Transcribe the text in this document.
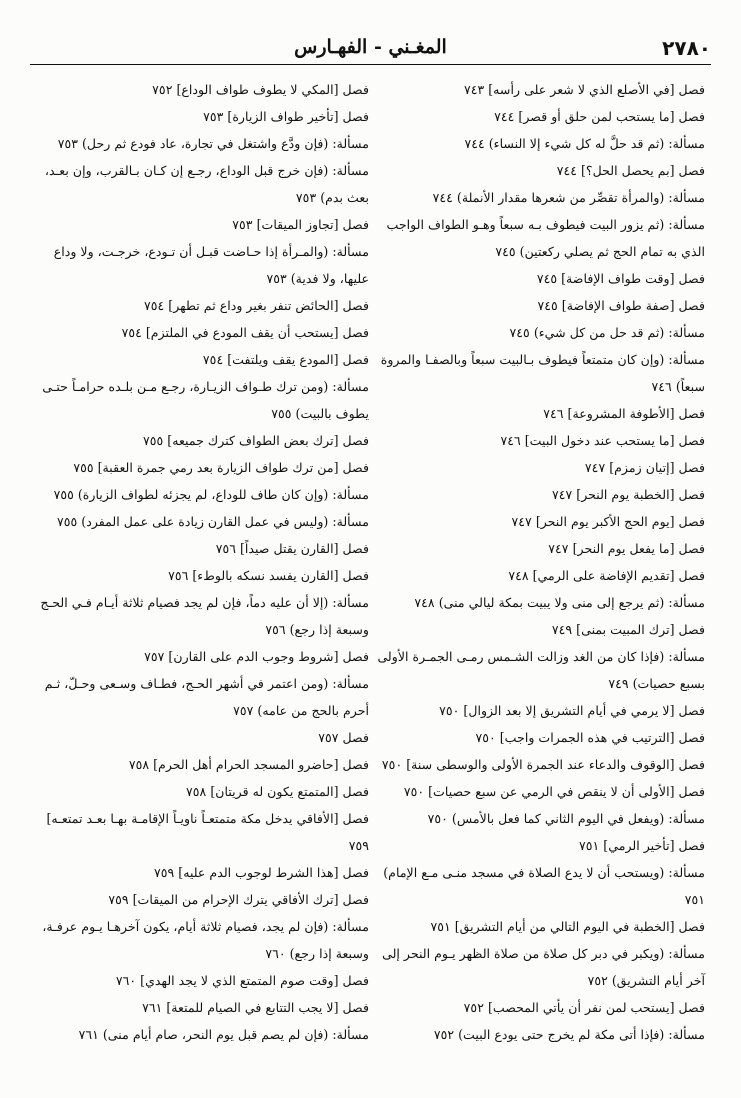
٢٧٨٠
المغـني - الفهـارس

فصل [في الأصلع الذي لا شعر على رأسه] ٧٤٣

فصل [ما يستحب لمن حلق أو قصر] ٧٤٤

مسألة: (ثم قد حلَّ له كل شيء إلا النساء) ٧٤٤

فصل [بم يحصل الحل؟] ٧٤٤

مسألة: (والمرأة تقصِّر من شعرها مقدار الأنملة) ٧٤٤

مسألة: (ثم يزور البيت فيطوف بـه سبعاً وهـو الطواف الواجب الذي به تمام الحج ثم يصلي ركعتين) ٧٤٥

فصل [وقت طواف الإفاضة] ٧٤٥

فصل [صفة طواف الإفاضة] ٧٤٥

مسألة: (ثم قد حل من كل شيء) ٧٤٥

مسألة: (وإن كان متمتعاً فيطوف بـالبيت سبعاً وبالصفـا والمروة سبعاً) ٧٤٦

فصل [الأطوفة المشروعة] ٧٤٦

فصل [ما يستحب عند دخول البيت] ٧٤٦

فصل [إتيان زمزم] ٧٤٧

فصل [الخطبة يوم النحر] ٧٤٧

فصل [يوم الحج الأكبر يوم النحر] ٧٤٧

فصل [ما يفعل يوم النحر] ٧٤٧

فصل [تقديم الإفاضة على الرمي] ٧٤٨

مسألة: (ثم يرجع إلى منى ولا يبيت بمكة ليالي منى) ٧٤٨

فصل [ترك المبيت بمنى] ٧٤٩

مسألة: (فإذا كان من الغد وزالت الشـمس رمـى الجمـرة الأولى بسبع حصيات) ٧٤٩

فصل [لا يرمي في أيام التشريق إلا بعد الزوال] ٧٥٠

فصل [الترتيب في هذه الجمرات واجب] ٧٥٠

فصل [الوقوف والدعاء عند الجمرة الأولى والوسطى سنة] ٧٥٠

فصل [الأولى أن لا ينقص في الرمي عن سبع حصيات] ٧٥٠

مسألة: (ويفعل في اليوم الثاني كما فعل بالأمس) ٧٥٠

فصل [تأخير الرمي] ٧٥١

مسألة: (ويستحب أن لا يدع الصلاة في مسجد منـى مـع الإمام) ٧٥١

فصل [الخطبة في اليوم التالي من أيام التشريق] ٧٥١

مسألة: (ويكبر في دبر كل صلاة من صلاة الظهر يـوم النحر إلى آخر أيام التشريق) ٧٥٢

فصل [يستحب لمن نفر أن يأتي المحصب] ٧٥٢

مسألة: (فإذا أتى مكة لم يخرج حتى يودع البيت) ٧٥٢

فصل [المكي لا يطوف طواف الوداع] ٧٥٢

فصل [تأخير طواف الزيارة] ٧٥٣

مسألة: (فإن ودَّع واشتغل في تجارة، عاد فودع ثم رحل) ٧٥٣

مسألة: (فإن خرج قبل الوداع، رجـع إن كـان بـالقرب، وإن بعـد، بعث بدم) ٧٥٣

فصل [تجاوز الميقات] ٧٥٣

مسألة: (والمـرأة إذا حـاضت قبـل أن تـودع، خرجـت، ولا وداع عليها، ولا فدية) ٧٥٣

فصل [الحائض تنفر بغير وداع ثم تطهر] ٧٥٤

فصل [يستحب أن يقف المودع في الملتزم] ٧٥٤

فصل [المودع يقف ويلتفت] ٧٥٤

مسألة: (ومن ترك طـواف الزيـارة، رجـع مـن بلـده حرامـاً حتـى يطوف بالبيت) ٧٥٥

فصل [ترك بعض الطواف كترك جميعه] ٧٥٥

فصل [من ترك طواف الزيارة بعد رمي جمرة العقبة] ٧٥٥

مسألة: (وإن كان طاف للوداع، لم يجزئه لطواف الزيارة) ٧٥٥

مسألة: (وليس في عمل القارن زيادة على عمل المفرد) ٧٥٥

فصل [القارن يقتل صيداً] ٧٥٦

فصل [القارن يفسد نسكه بالوطء] ٧٥٦

مسألة: (إلا أن عليه دماً، فإن لم يجد فصيام ثلاثة أيـام فـي الحـج وسبعة إذا رجع) ٧٥٦

فصل [شروط وجوب الدم على القارن] ٧٥٧

مسألة: (ومن اعتمر في أشهر الحـج، فطـاف وسـعى وحـلّ، ثـم أحرم بالحج من عامه) ٧٥٧

فصل ٧٥٧

فصل [حاضرو المسجد الحرام أهل الحرم] ٧٥٨

فصل [المتمتع يكون له قريتان] ٧٥٨

فصل [الأفاقي يدخل مكة متمتعـاً ناويـاً الإقامـة بهـا بعـد تمتعـه] ٧٥٩

فصل [هذا الشرط لوجوب الدم عليه] ٧٥٩

فصل [ترك الأفاقي يترك الإحرام من الميقات] ٧٥٩

مسألة: (فإن لم يجد، فصيام ثلاثة أيام، يكون آخرهـا يـوم عرفـة، وسبعة إذا رجع) ٧٦٠

فصل [وقت صوم المتمتع الذي لا يجد الهدي] ٧٦٠

فصل [لا يجب التتابع في الصيام للمتعة] ٧٦١

مسألة: (فإن لم يصم قبل يوم النحر، صام أيام منى) ٧٦١
